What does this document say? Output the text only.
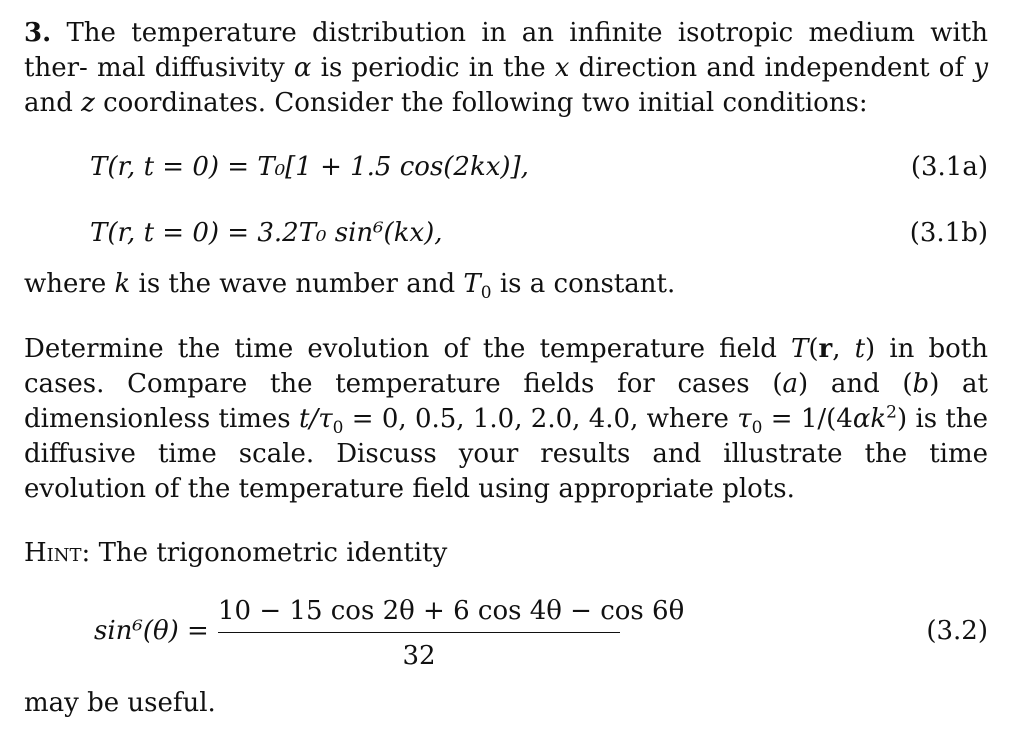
3. The temperature distribution in an infinite isotropic medium with ther- mal diffusivity α is periodic in the x direction and independent of y and z coordinates. Consider the following two initial conditions:
T(r, t = 0) = T₀[1 + 1.5 cos(2kx)],	(3.1a)
T(r, t = 0) = 3.2T₀ sin⁶(kx),	(3.1b)
where k is the wave number and $T_0$ is a constant.
Determine the time evolution of the temperature field T(r, t) in both cases. Compare the temperature fields for cases (a) and (b) at dimensionless times $t/\tau_0 = 0$, 0.5, 1.0, 2.0, 4.0, where $\tau_0 = 1/(4\alpha k^2)$ is the diffusive time scale. Discuss your results and illustrate the time evolution of the temperature field using appropriate plots.
Hint: The trigonometric identity
sin⁶(θ) =
10 − 15 cos 2θ + 6 cos 4θ − cos 6θ
32
(3.2)
may be useful.
